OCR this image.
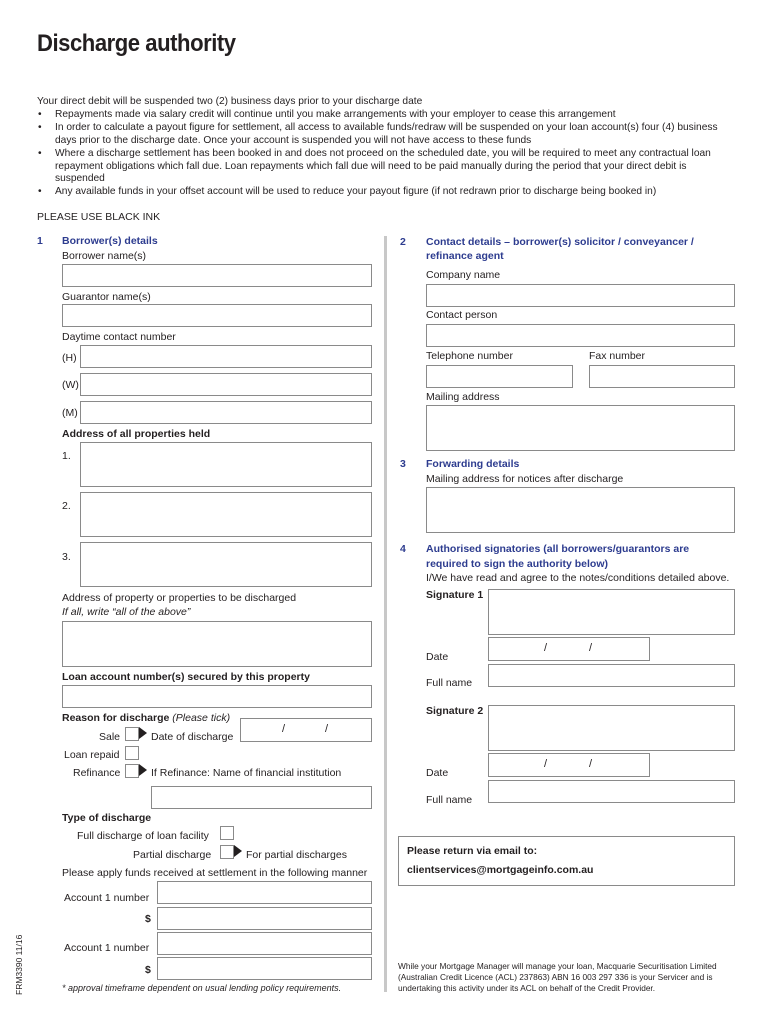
Discharge authority
Your direct debit will be suspended two (2) business days prior to your discharge date
• Repayments made via salary credit will continue until you make arrangements with your employer to cease this arrangement
• In order to calculate a payout figure for settlement, all access to available funds/redraw will be suspended on your loan account(s) four (4) business days prior to the discharge date. Once your account is suspended you will not have access to these funds
• Where a discharge settlement has been booked in and does not proceed on the scheduled date, you will be required to meet any contractual loan repayment obligations which fall due. Loan repayments which fall due will need to be paid manually during the period that your direct debit is suspended
• Any available funds in your offset account will be used to reduce your payout figure (if not redrawn prior to discharge being booked in)
PLEASE USE BLACK INK
1 Borrower(s) details
Borrower name(s)
Guarantor name(s)
Daytime contact number
(H)
(W)
(M)
Address of all properties held
1.
2.
3.
Address of property or properties to be discharged
If all, write “all of the above”
Loan account number(s) secured by this property
Reason for discharge (Please tick)
Sale	Date of discharge
/	/
Loan repaid
Refinance	If Refinance: Name of financial institution
Type of discharge
Full discharge of loan facility
Partial discharge	For partial discharges
Please apply funds received at settlement in the following manner
Account 1 number
$
Account 1 number
$
* approval timeframe dependent on usual lending policy requirements.
2 Contact details – borrower(s) solicitor / conveyancer /
refinance agent
Company name
Contact person
Telephone number	Fax number
Mailing address
3 Forwarding details
Mailing address for notices after discharge
4 Authorised signatories (all borrowers/guarantors are
required to sign the authority below)
I/We have read and agree to the notes/conditions detailed above.
Signature 1
Date
/	/
Full name
Signature 2
Date
/	/
Full name
Please return via email to:
clientservices@mortgageinfo.com.au
While your Mortgage Manager will manage your loan, Macquarie Securitisation Limited
(Australian Credit Licence (ACL) 237863) ABN 16 003 297 336 is your Servicer and is
undertaking this activity under its ACL on behalf of the Credit Provider.
FRM3390 11/16
